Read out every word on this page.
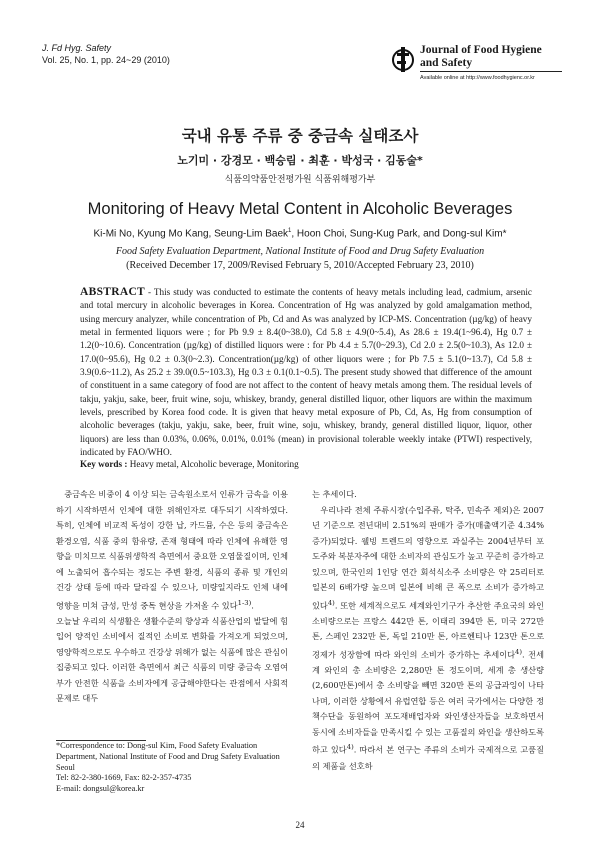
J. Fd Hyg. Safety
Vol. 25, No. 1, pp. 24~29 (2010)
Journal of Food Hygiene
and Safety
Available online at http://www.foodhygienc.or.kr
국내 유통 주류 중 중금속 실태조사
노기미 · 강경모 · 백승림 · 최훈 · 박성국 · 김동술*
식품의약품안전평가원 식품위해평가부
Monitoring of Heavy Metal Content in Alcoholic Beverages
Ki-Mi No, Kyung Mo Kang, Seung-Lim Baek$^1$, Hoon Choi, Sung-Kug Park, and Dong-sul Kim*
Food Safety Evaluation Department, National Institute of Food and Drug Safety Evaluation
(Received December 17, 2009/Revised February 5, 2010/Accepted February 23, 2010)
ABSTRACT - This study was conducted to estimate the contents of heavy metals including lead, cadmium, arsenic and total mercury in alcoholic beverages in Korea. Concentration of Hg was analyzed by gold amalgamation method, using mercury analyzer, while concentration of Pb, Cd and As was analyzed by ICP-MS. Concentration (µg/kg) of heavy metal in fermented liquors were ; for Pb 9.9 ± 8.4(0~38.0), Cd 5.8 ± 4.9(0~5.4), As 28.6 ± 19.4(1~96.4), Hg 0.7 ± 1.2(0~10.6). Concentration (µg/kg) of distilled liquors were : for Pb 4.4 ± 5.7(0~29.3), Cd 2.0 ± 2.5(0~10.3), As 12.0 ± 17.0(0~95.6), Hg 0.2 ± 0.3(0~2.3). Concentration(µg/kg) of other liquors were ; for Pb 7.5 ± 5.1(0~13.7), Cd 5.8 ± 3.9(0.6~11.2), As 25.2 ± 39.0(0.5~103.3), Hg 0.3 ± 0.1(0.1~0.5). The present study showed that difference of the amount of constituent in a same category of food are not affect to the content of heavy metals among them. The residual levels of takju, yakju, sake, beer, fruit wine, soju, whiskey, brandy, general distilled liquor, other liquors are within the maximum levels, prescribed by Korea food code. It is given that heavy metal exposure of Pb, Cd, As, Hg from consumption of alcoholic beverages (takju, yakju, sake, beer, fruit wine, soju, whiskey, brandy, general distilled liquor, liquor, other liquors) are less than 0.03%, 0.06%, 0.01%, 0.01% (mean) in provisional tolerable weekly intake (PTWI) respectively, indicated by FAO/WHO.
Key words : Heavy metal, Alcoholic beverage, Monitoring

중금속은 비중이 4 이상 되는 금속원소로서 인류가 금속을 이용하기 시작하면서 인체에 대한 위해인자로 대두되기 시작하였다. 특히, 인체에 비교적 독성이 강한 납, 카드뮴, 수은 등의 중금속은 환경오염, 식품 중의 함유량, 존재 형태에 따라 인체에 유해한 영향을 미치므로 식품위생학적 측면에서 중요한 오염물질이며, 인체에 노출되어 흡수되는 정도는 주변 환경, 식품의 종류 및 개인의 건강 상태 등에 따라 달라질 수 있으나, 미량일지라도 인체 내에 영향을 미쳐 급성, 만성 중독 현상을 가져올 수 있다$^{1-3)}$.

오늘날 우리의 식생활은 생활수준의 향상과 식품산업의 발달에 힘입어 양적인 소비에서 질적인 소비로 변화를 가져오게 되었으며, 영양학적으로도 우수하고 건강상 위해가 없는 식품에 많은 관심이 집중되고 있다. 이러한 측면에서 최근 식품의 미량 중금속 오염여부가 안전한 식품을 소비자에게 공급해야한다는 관점에서 사회적 문제로 대두

는 추세이다.

우리나라 전체 주류시장(수입주류, 탁주, 민속주 제외)은 2007년 기준으로 전년대비 2.51%의 판매가 증가(매출액기준 4.34%증가)되었다. 웰빙 트렌드의 영향으로 과실주는 2004년부터 포도주와 복분자주에 대한 소비자의 관심도가 높고 꾸준히 증가하고 있으며, 한국인의 1인당 연간 회석식소주 소비량은 약 25리터로 일본의 6배가량 높으며 일본에 비해 큰 폭으로 소비가 증가하고 있다$^{4)}$. 또한 세계적으로도 세계와인기구가 추산한 주요국의 와인소비량으로는 프랑스 442만 톤, 이태리 394만 톤, 미국 272만 톤, 스페인 232만 톤, 독일 210만 톤, 아르헨티나 123만 톤으로 경제가 성장함에 따라 와인의 소비가 증가하는 추세이다$^{4)}$. 전세계 와인의 총 소비량은 2,280만 톤 정도이며, 세계 총 생산량(2,600만톤)에서 총 소비량을 빼면 320만 톤의 공급과잉이 나타나며, 이러한 상황에서 유럽연합 등은 여러 국가에서는 다양한 정책수단을 동원하여 포도재배업자와 와인생산자들을 보호하면서 동시에 소비자들을 만족시킬 수 있는 고품질의 와인을 생산하도록 하고 있다$^{4)}$. 따라서 본 연구는 주류의 소비가 국제적으로 고품질의 제품을 선호하

*Correspondence to: Dong-sul Kim, Food Safety Evaluation Department, National Institute of Food and Drug Safety Evaluation Seoul
Tel: 82-2-380-1669, Fax: 82-2-357-4735
E-mail: dongsul@korea.kr
24
